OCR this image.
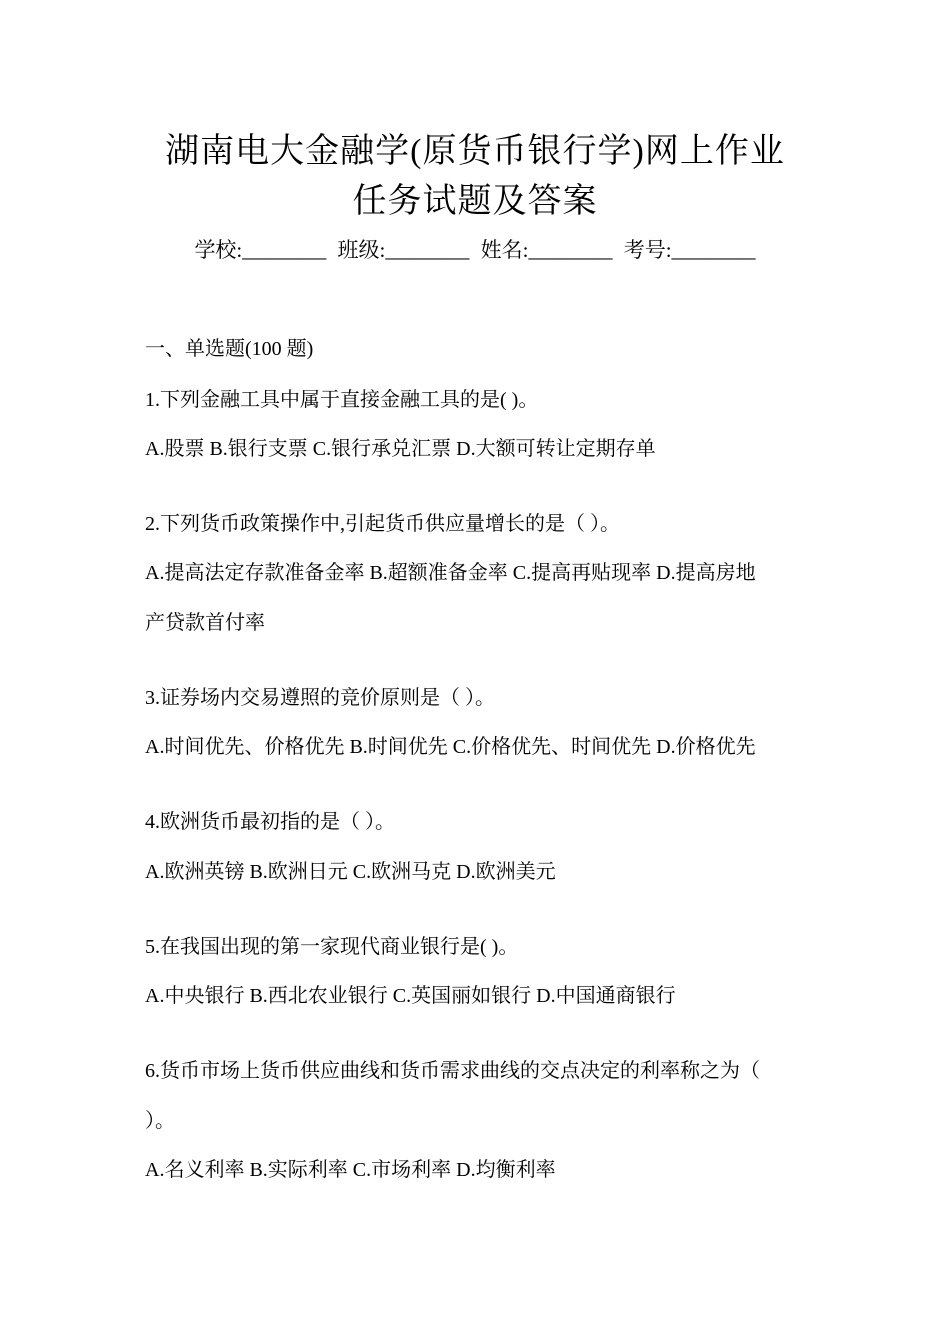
湖南电大金融学(原货币银行学)网上作业
任务试题及答案
学校:________ 班级:________ 姓名:________ 考号:________
一、单选题(100 题)
1.下列金融工具中属于直接金融工具的是( )。
A.股票 B.银行支票 C.银行承兑汇票 D.大额可转让定期存单
2.下列货币政策操作中,引起货币供应量增长的是（ ）。
A.提高法定存款准备金率 B.超额准备金率 C.提高再贴现率 D.提高房地
产贷款首付率
3.证券场内交易遵照的竞价原则是（ ）。
A.时间优先、价格优先 B.时间优先 C.价格优先、时间优先 D.价格优先
4.欧洲货币最初指的是（ ）。
A.欧洲英镑 B.欧洲日元 C.欧洲马克 D.欧洲美元
5.在我国出现的第一家现代商业银行是( )。
A.中央银行 B.西北农业银行 C.英国丽如银行 D.中国通商银行
6.货币市场上货币供应曲线和货币需求曲线的交点决定的利率称之为（
）。
A.名义利率 B.实际利率 C.市场利率 D.均衡利率
